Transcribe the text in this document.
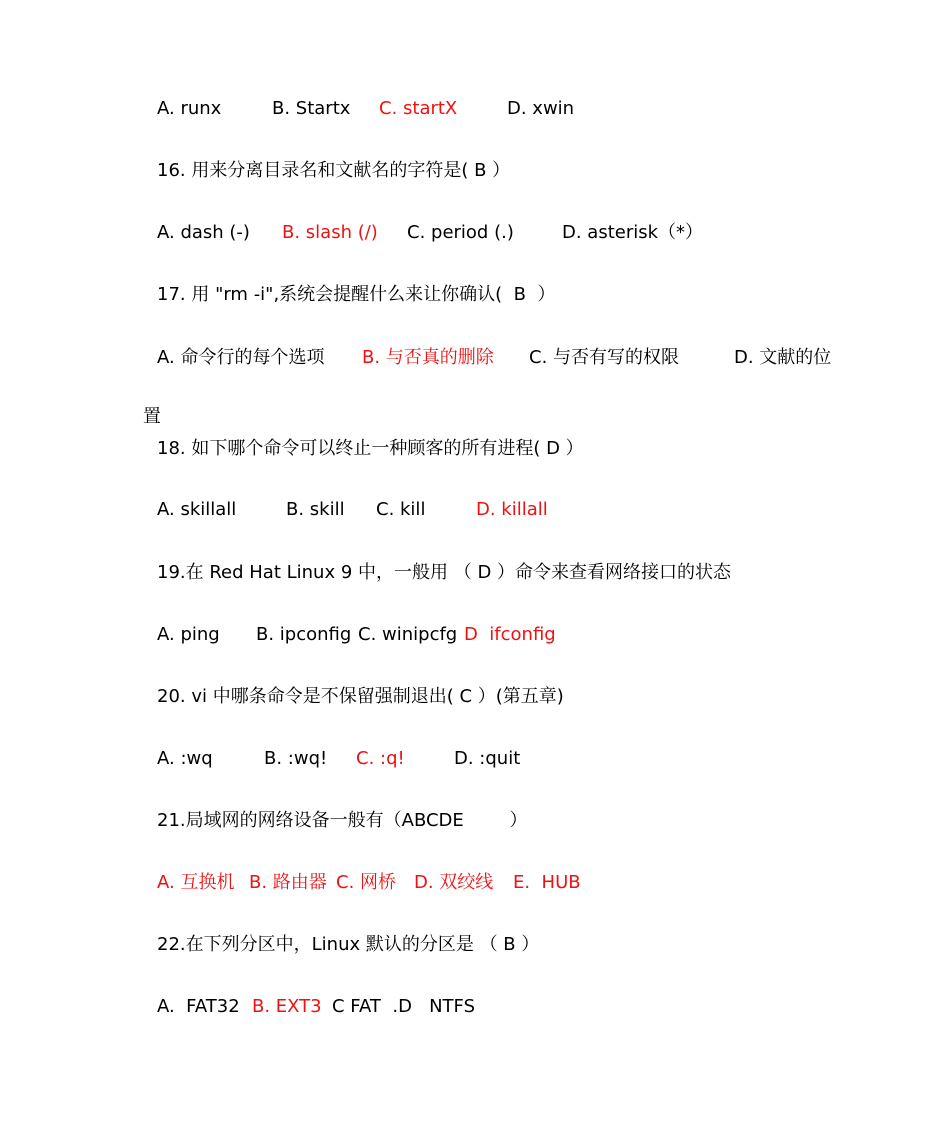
A. runx

	B. Startx

C. startX

	D. xwin

16. 用来分离目录名和文献名的字符是( B ）

A. dash (-)

B. slash (/)

C. period (.)

	D. asterisk（*）

17. 用 "rm -i",系统会提醒什么来让你确认(  B  ）

A. 命令行的每个选项

B. 与否真的删除

C. 与否有写的权限

	D. 文献的位

置

18. 如下哪个命令可以终止一种顾客的所有进程( D ）

A. skillall

	B. skill

C. kill

	D. killall

19.在 Red Hat Linux 9 中，一般用 （ D ）命令来查看网络接口的状态

A. ping

B. ipconfig

C. winipcfg

D  ifconfig

20. vi 中哪条命令是不保留强制退出( C ）(第五章)

A. :wq

	B. :wq!

C. :q!

	D. :quit

21.局域网的网络设备一般有（ABCDE        ）

A. 互换机

B. 路由器

C. 网桥

D. 双绞线

E.  HUB

22.在下列分区中，Linux 默认的分区是 （ B ）

A.  FAT32

B. EXT3

C FAT  .D   NTFS
